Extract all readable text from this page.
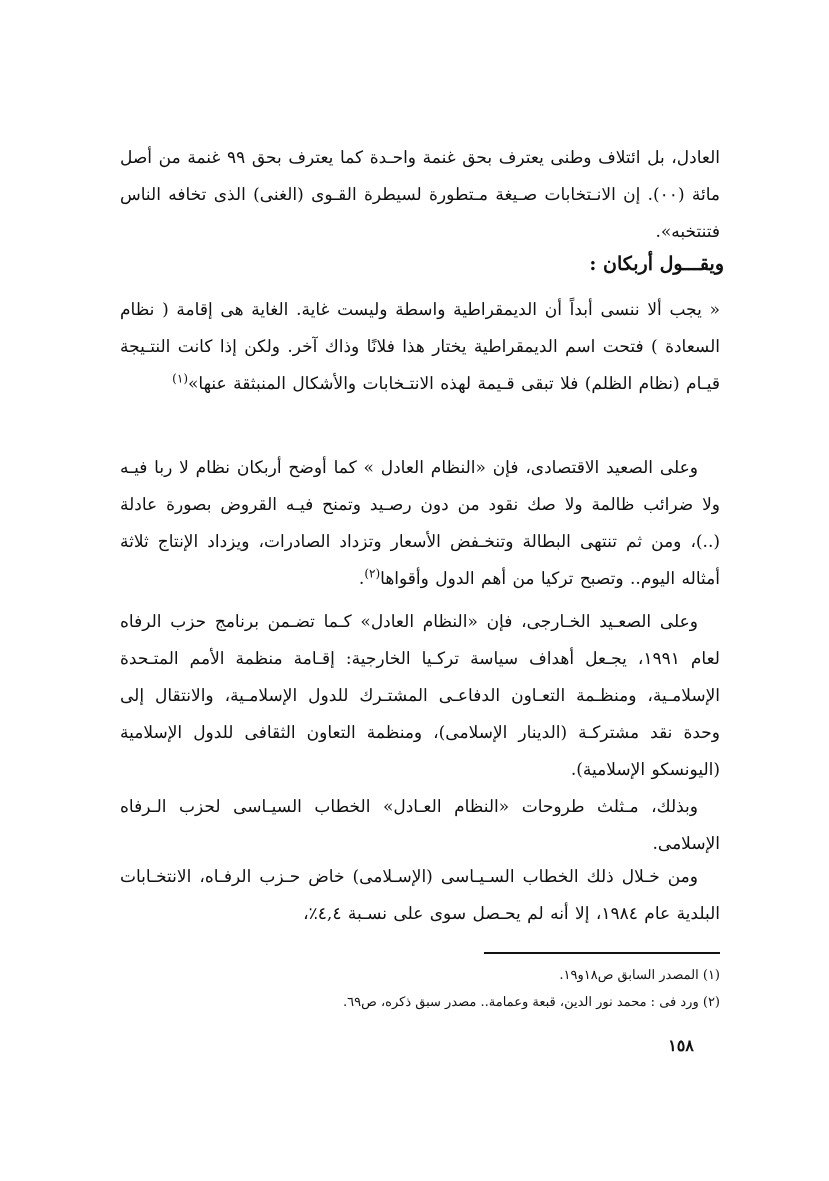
العادل، بل ائتلاف وطنى يعترف بحق غنمة واحـدة كما يعترف بحق ٩٩ غنمة من أصل مائة (٠٠). إن الانـتخابات صـيغة مـتطورة لسيطرة القـوى (الغنى) الذى تخافه الناس فتنتخبه».

ويقـــول أربكان :

« يجب ألا ننسى أبداً أن الديمقراطية واسطة وليست غاية. الغاية هى إقامة ( نظام السعادة ) فتحت اسم الديمقراطية يختار هذا فلانًا وذاك آخر. ولكن إذا كانت النتـيجة قيـام (نظام الظلم) فلا تبقى قـيمة لهذه الانتـخابات والأشكال المنبثقة عنها»$^{(١)}$

وعلى الصعيد الاقتصادى، فإن «النظام العادل » كما أوضح أربكان نظام لا ربا فيـه ولا ضرائب ظالمة ولا صك نقود من دون رصـيد وتمنح فيـه القروض بصورة عادلة (..)، ومن ثم تنتهى البطالة وتنخـفض الأسعار وتزداد الصادرات، ويزداد الإنتاج ثلاثة أمثاله اليوم.. وتصبح تركيا من أهم الدول وأقواها$^{(٢)}$.

وعلى الصعـيد الخـارجى، فإن «النظام العادل» كـما تضـمن برنامج حزب الرفاه لعام ١٩٩١، يجـعل أهداف سياسة تركـيا الخارجية: إقـامة منظمة الأمم المتـحدة الإسلامـية، ومنظـمة التعـاون الدفاعـى المشتـرك للدول الإسلامـية، والانتقال إلى وحدة نقد مشتركـة (الدينار الإسلامى)، ومنظمة التعاون الثقافى للدول الإسلامية (اليونسكو الإسلامية).

وبذلك، مـثلث طروحات «النظام العـادل» الخطاب السيـاسى لحزب الـرفاه الإسلامى.

ومن خـلال ذلك الخطاب السـيـاسى (الإسـلامى) خاض حـزب الرفـاه، الانتخـابات البلدية عام ١٩٨٤، إلا أنه لم يحـصل سوى على نسـبة ٤,٤٪،

(١) المصدر السابق ص١٨و١٩.
(٢) ورد فى : محمد نور الدين، قبعة وعمامة.. مصدر سبق ذكره، ص٦٩.
١٥٨
